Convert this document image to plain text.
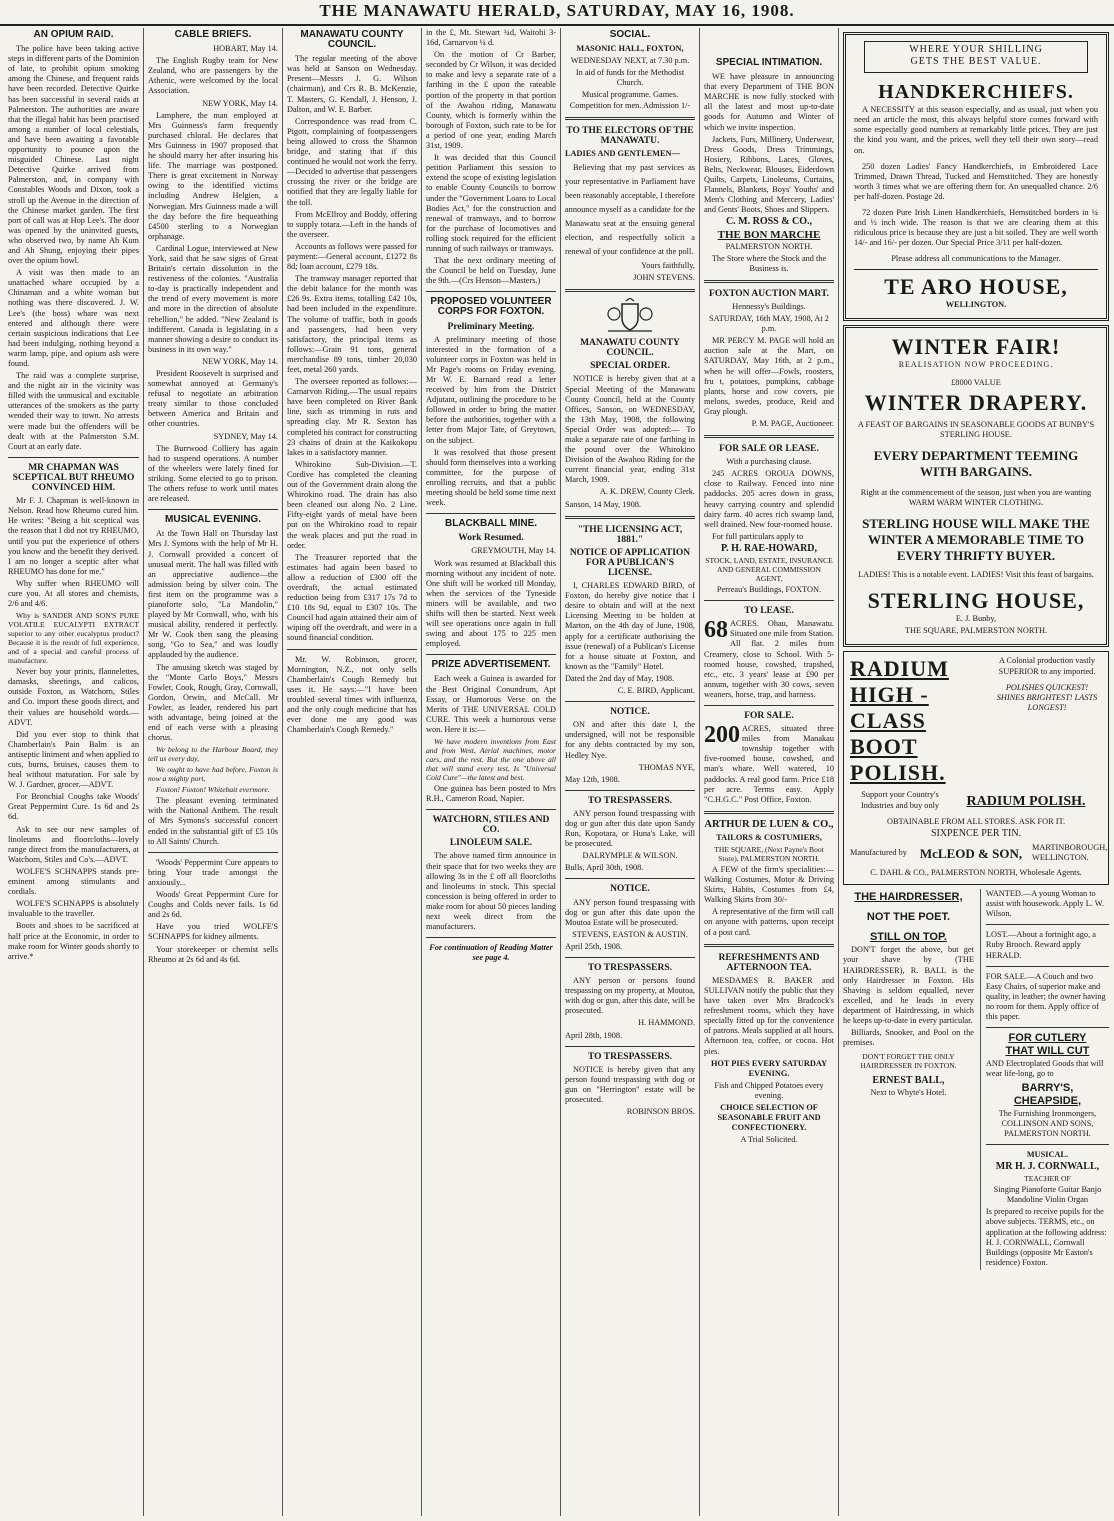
THE MANAWATU HERALD, SATURDAY, MAY 16, 1908.
AN OPIUM RAID.

The police have been taking active steps in different parts of the Dominion of late, to prohibit opium smoking among the Chinese, and frequent raids have been recorded. Detective Quirke has been successful in several raids at Palmerston. The authorities are aware that the illegal habit has been practised among a number of local celestials, and have been awaiting a favorable opportunity to pounce upon the misguided Chinese. Last night Detective Quirke arrived from Palmerston, and, in company with Constables Woods and Dixon, took a stroll up the Avenue in the direction of the Chinese market garden. The first port of call was at Hop Lee's. The door was opened by the uninvited guests, who observed two, by name Ah Kum and Ah Shung, enjoying their pipes over the opium bowl.

A visit was then made to an unattached whare occupied by a Chinaman and a white woman but nothing was there discovered. J. W. Lee's (the boss) whare was next entered and although there were certain suspicious indications that Lee had been indulging, nothing beyond a warm lamp, pipe, and opium ash were found.

The raid was a complete surprise, and the night air in the vicinity was filled with the unmusical and excitable utterances of the smokers as the party wended their way to town. No arrests were made but the offenders will be dealt with at the Palmerston S.M. Court at an early date.

MR CHAPMAN WAS SCEPTICAL BUT RHEUMO CONVINCED HIM.

Mr F. J. Chapman is well-known in Nelson. Read how Rheumo cured him. He writes: "Being a bit sceptical was the reason that I did not try RHEUMO, until you put the experience of others you know and the benefit they derived. I am no longer a sceptic after what RHEUMO has done for me."

Why suffer when RHEUMO will cure you. At all stores and chemists, 2/6 and 4/6.

Why is SANDER AND SON'S PURE VOLATILE EUCALYPTI EXTRACT superior to any other eucalyptus product? Because it is the result of full experience, and of a special and careful process of manufacture.

Never buy your prints, flannelettes, damasks, sheetings, and calicos, outside Foxton, as Watchorn, Stiles and Co. import these goods direct, and their values are household words.—ADVT.

Did you ever stop to think that Chamberlain's Pain Balm is an antiseptic liniment and when applied to cuts, burns, bruises, causes them to heal without maturation. For sale by W. J. Gardner, grocer.—ADVT.

For Bronchial Coughs take Woods' Great Peppermint Cure. 1s 6d and 2s 6d.

Ask to see our new samples of linoleums and floorcloths—lovely range direct from the manufacturers, at Watchorn, Stiles and Co's.—ADVT.

WOLFE'S SCHNAPPS stands pre-eminent among stimulants and cordials.

WOLFE'S SCHNAPPS is absolutely invaluable to the traveller.

Boots and shoes to be sacrificed at half price at the Economic, in order to make room for Winter goods shortly to arrive.*

CABLE BRIEFS.

HOBART, May 14.

The English Rugby team for New Zealand, who are passengers by the Athenic, were welcomed by the local Association.

NEW YORK, May 14.

Lamphere, the man employed at Mrs Guinness's farm frequently purchased chloral. He declares that Mrs Guinness in 1907 proposed that he should marry her after insuring his life. The marriage was postponed. There is great excitement in Norway owing to the identified victims including Andrew Helgien, a Norwegian. Mrs Guinness made a will the day before the fire bequeathing £4500 sterling to a Norwegian orphanage.

Cardinal Logue, interviewed at New York, said that he saw signs of Great Britain's certain dissolution in the restiveness of the colonies. "Australia to-day is practically independent and the trend of every movement is more and more in the direction of absolute rebellion," he added. "New Zealand is indifferent. Canada is legislating in a manner showing a desire to conduct its business in its own way."

NEW YORK, May 14.

President Roosevelt is surprised and somewhat annoyed at Germany's refusal to negotiate an arbitration treaty similar to those concluded between America and Britain and other countries.

SYDNEY, May 14.

The Burrwood Colliery has again had to suspend operations. A number of the wheelers were lately fined for striking. Some elected to go to prison. The others refuse to work until mates are released.

MUSICAL EVENING.

At the Town Hall on Thursday last Mrs J. Symons with the help of Mr H. J. Cornwall provided a concert of unusual merit. The hall was filled with an appreciative audience—the admission being by silver coin. The first item on the programme was a pianoforte solo, "La Mandolin," played by Mr Cornwall, who, with his musical ability, rendered it perfectly. Mr W. Cook then sang the pleasing song, "Go to Sea," and was loudly applauded by the audience.

The amusing sketch was staged by the "Monte Carlo Boys," Messrs Fowler, Cook, Rough, Gray, Cornwall, Gordon, Orwin, and McCall. Mr Fowler, as leader, rendered his part with advantage, being joined at the end of each verse with a pleasing chorus.

We belong to the Harbour Board, they tell us every day,

We ought to have had before, Foxton is now a mighty port,

Foxton! Foxton! Whitebait evermore.

The pleasant evening terminated with the National Anthem. The result of Mrs Symons's successful concert ended in the substantial gift of £5 10s to All Saints' Church.

'Woods' Peppermint Cure appears to bring Your trade amongst the anxiously...

Woods' Great Peppermint Cure for Coughs and Colds never fails. 1s 6d and 2s 6d.

Have you tried WOLFE'S SCHNAPPS for kidney ailments.

Your storekeeper or chemist sells Rheumo at 2s 6d and 4s 6d.

MANAWATU COUNTY COUNCIL.

The regular meeting of the above was held at Sanson on Wednesday. Present—Messrs J. G. Wilson (chairman), and Crs R. B. McKenzie, T. Masters, G. Kendall, J. Henson, J. Dalton, and W. E. Barber.

Correspondence was read from C. Pigott, complaining of footpassengers being allowed to cross the Shannon bridge, and stating that if this continued he would not work the ferry.—Decided to advertise that passengers crossing the river or the bridge are notified that they are legally liable for the toll.

From McEllroy and Boddy, offering to supply totara.—Left in the hands of the overseer.

Accounts as follows were passed for payment:—General account, £1272 8s 8d; loan account, £279 18s.

The tramway manager reported that the debit balance for the month was £26 9s. Extra items, totalling £42 10s, had been included in the expenditure. The volume of traffic, both in goods and passengers, had been very satisfactory, the principal items as follows:—Grain 91 tons, general merchandise 89 tons, timber 20,030 feet, metal 260 yards.

The overseer reported as follows:—Carnarvon Riding.—The usual repairs have been completed on River Bank line, such as trimming in ruts and spreading clay. Mr R. Sexton has completed his contract for constructing 23 chains of drain at the Kaikokopu lakes in a satisfactory manner.

Whirokino Sub-Division.—T. Cordive has completed the cleaning out of the Government drain along the Whirokino road. The drain has also been cleaned out along No. 2 Line. Fifty-eight yards of metal have been put on the Whirokino road to repair the weak places and put the road in order.

The Treasurer reported that the estimates had again been based to allow a reduction of £300 off the overdraft, the actual estimated reduction being from £317 17s 7d to £10 18s 9d, equal to £307 10s. The Council had again attained their aim of wiping off the overdraft, and were in a sound financial condition.

Mr. W. Robinson, grocer, Mornington, N.Z., not only sells Chamberlain's Cough Remedy but uses it. He says:—"I have been troubled several times with influenza, and the only cough medicine that has ever done me any good was Chamberlain's Cough Remedy."

in the £, Mt. Stewart ¾d, Waitohi 3-16d, Carnarvon ¼ d.

On the motion of Cr Barber, seconded by Cr Wilson, it was decided to make and levy a separate rate of a farthing in the £ upon the rateable portion of the property in that portion of the Awahou riding, Manawatu County, which is formerly within the borough of Foxton, such rate to be for a period of one year, ending March 31st, 1909.

It was decided that this Council petition Parliament this session to extend the scope of existing legislation to enable County Councils to borrow under the "Government Loans to Local Bodies Act," for the construction and renewal of tramways, and to borrow for the purchase of locomotives and rolling stock required for the efficient running of such railways or tramways.

That the next ordinary meeting of the Council be held on Tuesday, June the 9th.—(Crs Henson—Masters.)

PROPOSED VOLUNTEER CORPS FOR FOXTON.
Preliminary Meeting.

A preliminary meeting of those interested in the formation of a volunteer corps in Foxton was held in Mr Page's rooms on Friday evening. Mr W. E. Barnard read a letter received by him from the District Adjutant, outlining the procedure to be followed in order to bring the matter before the authorities, together with a letter from Major Tate, of Greytown, on the subject.

It was resolved that those present should form themselves into a working committee, for the purpose of enrolling recruits, and that a public meeting should be held some time next week.

BLACKBALL MINE.
Work Resumed.

GREYMOUTH, May 14.

Work was resumed at Blackball this morning without any incident of note. One shift will be worked till Monday, when the services of the Tyneside miners will be available, and two shifts will then be started. Next week will see operations once again in full swing and about 175 to 225 men employed.

PRIZE ADVERTISEMENT.

Each week a Guinea is awarded for the Best Original Conundrum, Apt Essay, or Humorous Verse on the Merits of THE UNIVERSAL COLD CURE. This week a humorous verse won. Here it is:—

We have modern inventions from East and from West, Aerial machines, motor cars, and the rest. But the one above all that will stand every test, Is "Universal Cold Cure"—the latest and best.

One guinea has been posted to Mrs R.H., Cameron Road, Napier.

WATCHORN, STILES AND CO.
LINOLEUM SALE.

The above named firm announce in their space that for two weeks they are allowing 3s in the £ off all floorcloths and linoleums in stock. This special concession is being offered in order to make room for about 50 pieces landing next week direct from the manufacturers.

For continuation of Reading Matter see page 4.

SOCIAL.

MASONIC HALL, FOXTON,

WEDNESDAY NEXT, at 7.30 p.m.

In aid of funds for the Methodist Church.

Musical programme. Games. Competition for men. Admission 1/-

TO THE ELECTORS OF THE MANAWATU.

LADIES AND GENTLEMEN—

Believing that my past services as your representative in Parliament have been reasonably acceptable, I therefore announce myself as a candidate for the Manawatu seat at the ensuing general election, and respectfully solicit a renewal of your confidence at the poll.

Yours faithfully,

JOHN STEVENS.

MANAWATU COUNTY COUNCIL.
SPECIAL ORDER.

NOTICE is hereby given that at a Special Meeting of the Manawatu County Council, held at the County Offices, Sanson, on WEDNESDAY, the 13th May, 1908, the following Special Order was adopted:— To make a separate rate of one farthing in the pound over the Whirokino Division of the Awahou Riding for the current financial year, ending 31st March, 1909.

A. K. DREW, County Clerk.

Sanson, 14 May, 1908.

"THE LICENSING ACT, 1881."
NOTICE OF APPLICATION FOR A PUBLICAN'S LICENSE.

I, CHARLES EDWARD BIRD, of Foxton, do hereby give notice that I desire to obtain and will at the next Licensing Meeting to be holden at Marton, on the 4th day of June, 1908, apply for a certificate authorising the issue (renewal) of a Publican's License for a house situate at Foxton, and known as the "Family" Hotel.

Dated the 2nd day of May, 1908.

C. E. BIRD, Applicant.

NOTICE.

ON and after this date I, the undersigned, will not be responsible for any debts contracted by my son, Hedley Nye.

THOMAS NYE,

May 12th, 1908.

TO TRESPASSERS.

ANY person found trespassing with dog or gun after this date upon Sandy Run, Kopotara, or Huna's Lake, will be prosecuted.

DALRYMPLE & WILSON.

Bulls, April 30th, 1908.

NOTICE.

ANY person found trespassing with dog or gun after this date upon the Moutoa Estate will be prosecuted.

STEVENS, EASTON & AUSTIN.

April 25th, 1908.

TO TRESPASSERS.

ANY person or persons found trespassing on my property, at Moutoa, with dog or gun, after this date, will be prosecuted.

H. HAMMOND.

April 28th, 1908.

TO TRESPASSERS.

NOTICE is hereby given that any person found trespassing with dog or gun on "Herrington" estate will be prosecuted.

ROBINSON BROS.

SPECIAL INTIMATION.

WE have pleasure in announcing that every Department of THE BON MARCHE is now fully stocked with all the latest and most up-to-date goods for Autumn and Winter of which we invite inspection.

Jackets, Furs, Millinery, Underwear, Dress Goods, Dress Trimmings, Hosiery, Ribbons, Laces, Gloves, Belts, Neckwear, Blouses, Eiderdown Quilts, Carpets, Linoleums, Curtains, Flannels, Blankets, Boys' Youths' and Men's Clothing and Mercery, Ladies' and Gents' Boots, Shoes and Slippers.

C. M. ROSS & CO.,

THE BON MARCHE

PALMERSTON NORTH.

The Store where the Stock and the Business is.

FOXTON AUCTION MART.

Hennessy's Buildings.

SATURDAY, 16th MAY, 1908, At 2 p.m.

MR PERCY M. PAGE will hold an auction sale at the Mart, on SATURDAY, May 16th, at 2 p.m., when he will offer—Fowls, roosters, fru t, potatoes, pumpkins, cabbage plants, horse and cow covers, pie melons, swedes, produce, Reid and Gray plough.

P. M. PAGE, Auctioneer.

FOR SALE OR LEASE.

With a purchasing clause.

245 ACRES OROUA DOWNS, close to Railway. Fenced into nine paddocks. 205 acres down in grass, heavy carrying country and splendid dairy farm. 40 acres rich swamp land, well drained. New four-roomed house.

For full particulars apply to

P. H. RAE-HOWARD,

STOCK, LAND, ESTATE, INSURANCE AND GENERAL COMMISSION AGENT,

Perreau's Buildings, FOXTON.

TO LEASE.

68 ACRES. Ohau, Manawatu. Situated one mile from Station. All flat. 2 miles from Creamery, close to School. With 5-roomed house, cowshed, trapshed, etc., etc. 3 years' lease at £90 per annum, together with 30 cows, seven weaners, horse, trap, and harness.

FOR SALE.

200 ACRES, situated three miles from Manakau township together with five-roomed house, cowshed, and man's whare. Well watered, 10 paddocks. A real good farm. Price £18 per acre. Terms easy. Apply "C.H.G.C." Post Office, Foxton.

ARTHUR DE LUEN & CO.,

TAILORS & COSTUMIERS,

THE SQUARE, (Next Payne's Boot Store), PALMERSTON NORTH.

A FEW of the firm's specialities:— Walking Costumes, Motor & Driving Skirts, Habits, Costumes from £4, Walking Skirts from 30/-

A representative of the firm will call on anyone with patterns, upon receipt of a post card.

REFRESHMENTS AND AFTERNOON TEA.

MESDAMES R. BAKER and SULLIVAN notify the public that they have taken over Mrs Bradcock's refreshment rooms, which they have specially fitted up for the convenience of patrons. Meals supplied at all hours. Afternoon tea, coffee, or cocoa. Hot pies.

HOT PIES EVERY SATURDAY EVENING.

Fish and Chipped Potatoes every evening.

CHOICE SELECTION OF SEASONABLE FRUIT AND CONFECTIONERY.

A Trial Solicited.

WHERE YOUR SHILLING

GETS THE BEST VALUE.

HANDKERCHIEFS.

A NECESSITY at this season especially, and as usual, just when you need an article the most, this always helpful store comes forward with some especially good numbers at remarkably little prices. They are just the kind you want, and the prices, well they tell their own story—read on.

250 dozen Ladies' Fancy Handkerchiefs, in Embroidered Lace Trimmed, Drawn Thread, Tucked and Hemstitched. They are honestly worth 3 times what we are offering them for. An unequalled chance. 2/6 per half-dozen. Postage 2d.

72 dozen Pure Irish Linen Handkerchiefs, Hemstitched borders in ¼ and ½ inch wide. The reason is that we are clearing them at this ridiculous price is because they are just a bit soiled. They are well worth 14/- and 16/- per dozen. Our Special Price 3/11 per half-dozen.

Please address all communications to the Manager.

TE ARO HOUSE,

WELLINGTON.

WINTER FAIR!

REALISATION NOW PROCEEDING.

£8000 VALUE

WINTER DRAPERY.

A FEAST OF BARGAINS IN SEASONABLE GOODS AT BUNBY'S STERLING HOUSE.

EVERY DEPARTMENT TEEMING WITH BARGAINS.

Right at the commencement of the season, just when you are wanting WARM WARM WINTER CLOTHING.

STERLING HOUSE WILL MAKE THE WINTER A MEMORABLE TIME TO EVERY THRIFTY BUYER.

LADIES! This is a notable event. LADIES! Visit this feast of bargains.

STERLING HOUSE,

E. J. Bunby,

THE SQUARE, PALMERSTON NORTH.

RADIUM
HIGH - CLASS
BOOT POLISH.

A Colonial production vastly SUPERIOR to any imported.

POLISHES QUICKEST! SHINES BRIGHTEST! LASTS LONGEST!

Support your Country's Industries and buy only	RADIUM POLISH.

OBTAINABLE FROM ALL STORES. ASK FOR IT.

SIXPENCE PER TIN.

Manufactured by McLEOD & SON,	MARTINBOROUGH, WELLINGTON.

C. DAHL & CO., PALMERSTON NORTH, Wholesale Agents.

THE HAIRDRESSER,
NOT THE POET.
STILL ON TOP.

DON'T forget the above, but get your shave by (THE HAIRDRESSER), R. BALL is the only Hairdresser in Foxton. His Shaving is seldom equalled, never excelled, and he leads in every department of Hairdressing, in which he keeps up-to-date in every particular.

Billiards, Snooker, and Pool on the premises.

DON'T FORGET THE ONLY HAIRDRESSER IN FOXTON.

ERNEST BALL,

Next to Whyte's Hotel.

WANTED.—A young Woman to assist with housework. Apply L. W. Wilson.

LOST.—About a fortnight ago, a Ruby Brooch. Reward apply HERALD.

FOR SALE.—A Couch and two Easy Chairs, of superior make and quality, in leather; the owner having no room for them. Apply office of this paper.

FOR CUTLERY
THAT WILL CUT

AND Electroplated Goods that will wear life-long, go to

BARRY'S,
CHEAPSIDE,

The Furnishing Ironmongers, COLLINSON AND SONS, PALMERSTON NORTH.

MUSICAL.

MR H. J. CORNWALL,

TEACHER OF

Singing Pianoforte Guitar Banjo Mandoline Violin Organ

Is prepared to receive pupils for the above subjects. TERMS, etc., on application at the following address: H. J. CORNWALL, Cornwall Buildings (opposite Mr Easton's residence) Foxton.
